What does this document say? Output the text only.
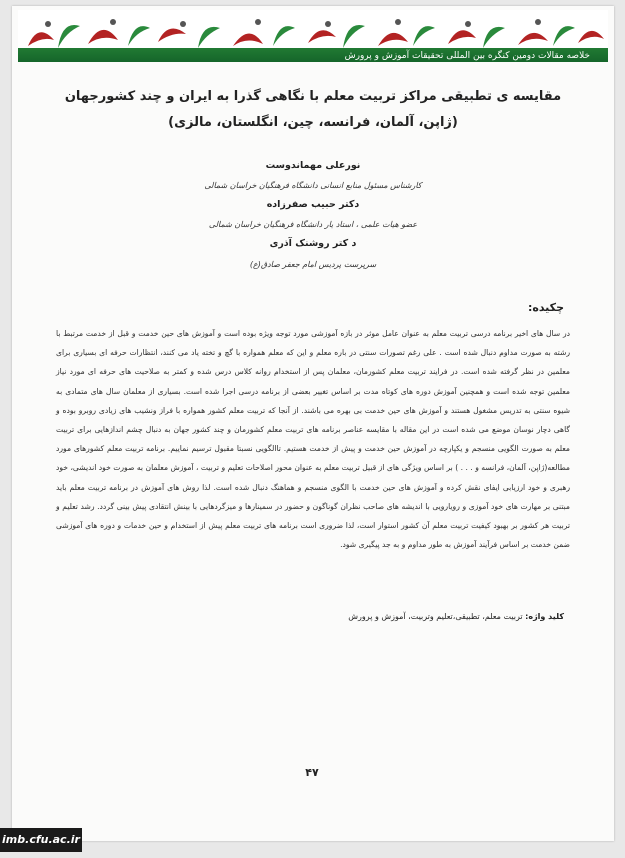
خلاصه مقالات دومین کنگره بین المللی تحقیقات آموزش و پرورش
مقایسه ی تطبیقی مراکز تربیت معلم با نگاهی گذرا به ایران و چند کشورجهان
(ژاپن، آلمان، فرانسه، چین، انگلستان، مالزی)
نورعلی مهماندوست
کارشناس مسئول منابع انسانی دانشگاه فرهنگیان خراسان شمالی
دکتر حبیب صفرزاده
عضو هیات علمی ، استاد یار دانشگاه فرهنگیان خراسان شمالی
د کتر روشنک آذری
سرپرست پردیس امام جعفر صادق(ع)
چکیده:
در سال های اخیر برنامه درسی تربیت معلم به عنوان عامل موثر در بازه آموزشی مورد توجه ویژه بوده است و آموزش های حین خدمت و قبل از خدمت مرتبط با رشته به صورت مداوم دنبال شده است . علی رغم تصورات سنتی در باره معلم و این که معلم همواره با گچ و تخته یاد می کنند، انتظارات حرفه ای بسیاری برای معلمین در نظر گرفته شده است. در فرایند تربیت معلم کشورمان، معلمان پس از استخدام روانه کلاس درس شده و کمتر به صلاحیت های حرفه ای مورد نیاز معلمین توجه شده است و همچنین آموزش دوره های کوتاه مدت بر اساس تغییر بعضی از برنامه درسی اجرا شده است. بسیاری از معلمان سال های متمادی به شیوه سنتی به تدریس مشغول هستند و آموزش های حین خدمت بی بهره می باشند. از آنجا که تربیت معلم کشور همواره با فراز ونشیب های زیادی روبرو بوده و گاهی دچار نوسان موضع می شده است در این مقاله با مقایسه عناصر برنامه های تربیت معلم کشورمان و چند کشور جهان به دنبال چشم اندازهایی برای تربیت معلم به صورت الگویی منسجم و یکپارچه در آموزش حین خدمت و پیش از خدمت هستیم. تاالگویی نسبتا مقبول ترسیم نماییم. برنامه تربیت معلم کشورهای مورد مطالعه(ژاپن، آلمان، فرانسه و . . . ) بر اساس ویژگی های از قبیل تربیت معلم به عنوان محور اصلاحات تعلیم و تربیت ، آموزش معلمان به صورت خود اندیشی، خود رهبری و خود ارزیابی ایفای نقش کرده و آموزش های حین خدمت با الگوی منسجم و هماهنگ دنبال شده است. لذا روش های آموزش در برنامه تربیت معلم باید مبتنی بر مهارت های خود آموزی و رویارویی با اندیشه های صاحب نظران گوناگون و حضور در سمینارها و میزگردهایی با بینش انتقادی پیش بینی گردد. رشد تعلیم و تربیت هر کشور بر بهبود کیفیت تربیت معلم آن کشور استوار است، لذا ضروری است برنامه های تربیت معلم پیش از استخدام و حین خدمات و دوره های آموزشی ضمن خدمت بر اساس فرآیند آموزش به طور مداوم و به جد پیگیری شود.
کلید واژه: تربیت معلم، تطبیقی،تعلیم وتربیت، آموزش و پرورش
۴۷
imb.cfu.ac.ir
